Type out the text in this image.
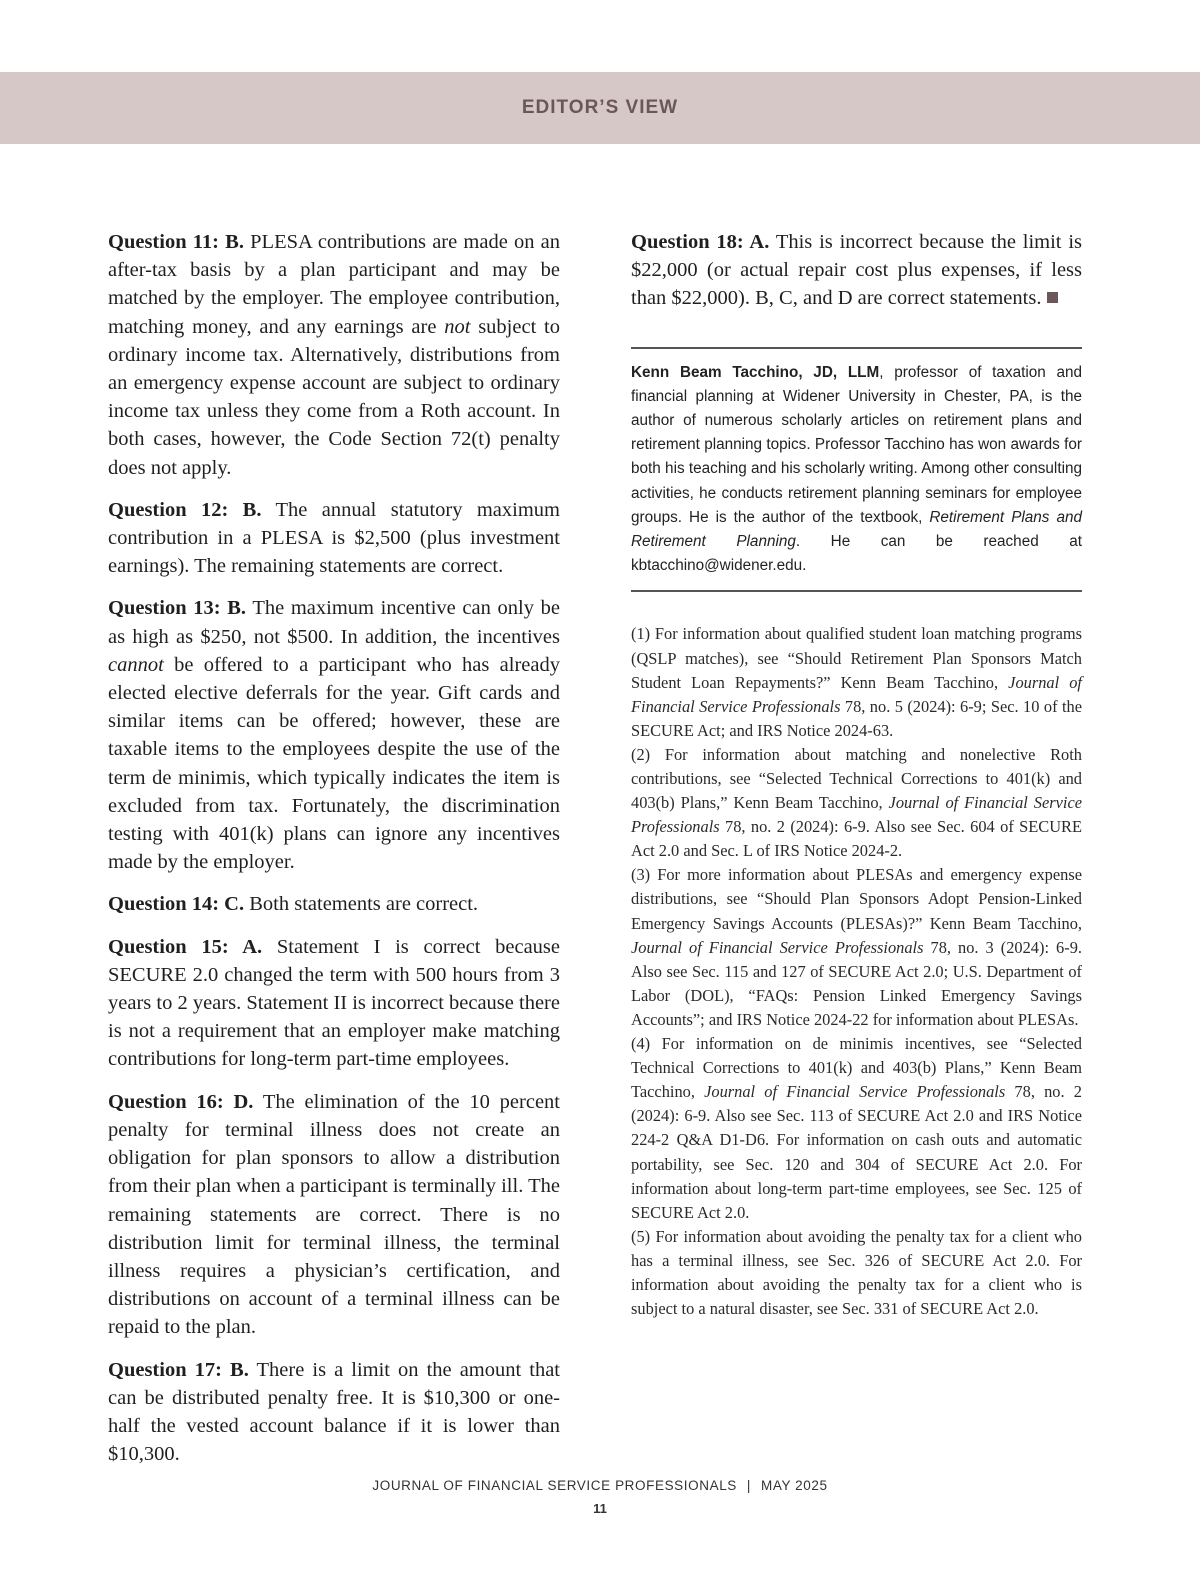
EDITOR’S VIEW

Question 11: B. PLESA contributions are made on an after-tax basis by a plan participant and may be matched by the employer. The employee contribution, matching money, and any earnings are not subject to ordinary income tax. Alternatively, distributions from an emergency expense account are subject to ordinary income tax unless they come from a Roth account. In both cases, however, the Code Section 72(t) penalty does not apply.

Question 12: B. The annual statutory maximum contribution in a PLESA is $2,500 (plus investment earnings). The remaining statements are correct.

Question 13: B. The maximum incentive can only be as high as $250, not $500. In addition, the incentives cannot be offered to a participant who has already elected elective deferrals for the year. Gift cards and similar items can be offered; however, these are taxable items to the employees despite the use of the term de minimis, which typically indicates the item is excluded from tax. Fortunately, the discrimination testing with 401(k) plans can ignore any incentives made by the employer.

Question 14: C. Both statements are correct.

Question 15: A. Statement I is correct because SECURE 2.0 changed the term with 500 hours from 3 years to 2 years. Statement II is incorrect because there is not a requirement that an employer make matching contributions for long-term part-time employees.

Question 16: D. The elimination of the 10 percent penalty for terminal illness does not create an obligation for plan sponsors to allow a distribution from their plan when a participant is terminally ill. The remaining statements are correct. There is no distribution limit for terminal illness, the terminal illness requires a physician’s certification, and distributions on account of a terminal illness can be repaid to the plan.

Question 17: B. There is a limit on the amount that can be distributed penalty free. It is $10,300 or one-half the vested account balance if it is lower than $10,300.

Question 18: A. This is incorrect because the limit is $22,000 (or actual repair cost plus expenses, if less than $22,000). B, C, and D are correct statements.

Kenn Beam Tacchino, JD, LLM, professor of taxation and financial planning at Widener University in Chester, PA, is the author of numerous scholarly articles on retirement plans and retirement planning topics. Professor Tacchino has won awards for both his teaching and his scholarly writing. Among other consulting activities, he conducts retirement planning seminars for employee groups. He is the author of the textbook, Retirement Plans and Retirement Planning. He can be reached at kbtacchino@widener.edu.

(1) For information about qualified student loan matching programs (QSLP matches), see “Should Retirement Plan Sponsors Match Student Loan Repayments?” Kenn Beam Tacchino, Journal of Financial Service Professionals 78, no. 5 (2024): 6-9; Sec. 10 of the SECURE Act; and IRS Notice 2024-63.

(2) For information about matching and nonelective Roth contributions, see “Selected Technical Corrections to 401(k) and 403(b) Plans,” Kenn Beam Tacchino, Journal of Financial Service Professionals 78, no. 2 (2024): 6-9. Also see Sec. 604 of SECURE Act 2.0 and Sec. L of IRS Notice 2024-2.

(3) For more information about PLESAs and emergency expense distributions, see “Should Plan Sponsors Adopt Pension-Linked Emergency Savings Accounts (PLESAs)?” Kenn Beam Tacchino, Journal of Financial Service Professionals 78, no. 3 (2024): 6-9. Also see Sec. 115 and 127 of SECURE Act 2.0; U.S. Department of Labor (DOL), “FAQs: Pension Linked Emergency Savings Accounts”; and IRS Notice 2024-22 for information about PLESAs.

(4) For information on de minimis incentives, see “Selected Technical Corrections to 401(k) and 403(b) Plans,” Kenn Beam Tacchino, Journal of Financial Service Professionals 78, no. 2 (2024): 6-9. Also see Sec. 113 of SECURE Act 2.0 and IRS Notice 224-2 Q&A D1-D6. For information on cash outs and automatic portability, see Sec. 120 and 304 of SECURE Act 2.0. For information about long-term part-time employees, see Sec. 125 of SECURE Act 2.0.

(5) For information about avoiding the penalty tax for a client who has a terminal illness, see Sec. 326 of SECURE Act 2.0. For information about avoiding the penalty tax for a client who is subject to a natural disaster, see Sec. 331 of SECURE Act 2.0.

JOURNAL OF FINANCIAL SERVICE PROFESSIONALS | MAY 2025
11
